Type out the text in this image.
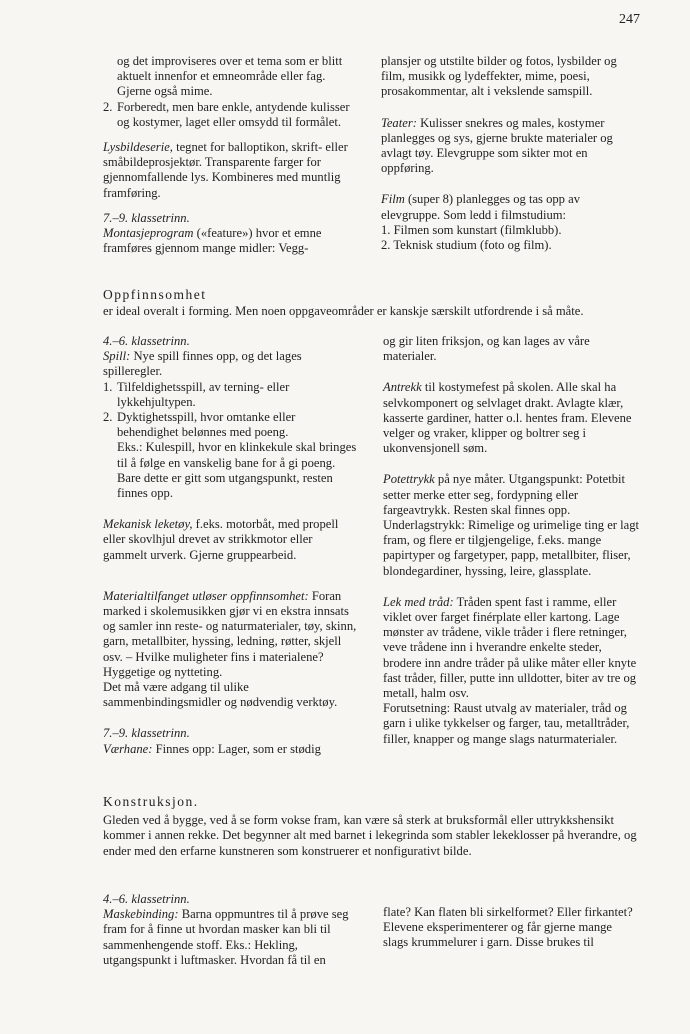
247

og det improviseres over et tema som er blitt aktuelt innenfor et emneområde eller fag. Gjerne også mime.

2. Forberedt, men bare enkle, antydende kulisser og kostymer, laget eller omsydd til formålet.

Lysbildeserie, tegnet for balloptikon, skrift- eller småbildeprosjektør. Transparente farger for gjennomfallende lys. Kombineres med muntlig framføring.

7.–9. klassetrinn.

Montasjeprogram («feature») hvor et emne framføres gjennom mange midler: Vegg-

plansjer og utstilte bilder og fotos, lysbilder og film, musikk og lydeffekter, mime, poesi, prosakommentar, alt i vekslende samspill.

Teater: Kulisser snekres og males, kostymer planlegges og sys, gjerne brukte materialer og avlagt tøy. Elevgruppe som sikter mot en oppføring.

Film (super 8) planlegges og tas opp av elevgruppe. Som ledd i filmstudium:

1. Filmen som kunstart (filmklubb).

2. Teknisk studium (foto og film).

Oppfinnsomhet
er ideal overalt i forming. Men noen oppgaveområder er kanskje særskilt utfordrende i så måte.

4.–6. klassetrinn.

Spill: Nye spill finnes opp, og det lages spilleregler.

1. Tilfeldighetsspill, av terning- eller lykkehjultypen.
2. Dyktighetsspill, hvor omtanke eller behendighet belønnes med poeng.

Eks.: Kulespill, hvor en klinkekule skal bringes til å følge en vanskelig bane for å gi poeng. Bare dette er gitt som utgangspunkt, resten finnes opp.

Mekanisk leketøy, f.eks. motorbåt, med propell eller skovlhjul drevet av strikkmotor eller gammelt urverk. Gjerne gruppearbeid.

Materialtilfanget utløser oppfinnsomhet: Foran marked i skolemusikken gjør vi en ekstra innsats og samler inn reste- og naturmaterialer, tøy, skinn, garn, metallbiter, hyssing, ledning, røtter, skjell osv. – Hvilke muligheter fins i materialene? Hyggetige og nytteting.

Det må være adgang til ulike sammenbindingsmidler og nødvendig verktøy.

7.–9. klassetrinn.

Værhane: Finnes opp: Lager, som er stødig

og gir liten friksjon, og kan lages av våre materialer.

Antrekk til kostymefest på skolen. Alle skal ha selvkomponert og selvlaget drakt. Avlagte klær, kasserte gardiner, hatter o.l. hentes fram. Elevene velger og vraker, klipper og boltrer seg i ukonvensjonell søm.

Potettrykk på nye måter. Utgangspunkt: Potetbit setter merke etter seg, fordypning eller fargeavtrykk. Resten skal finnes opp. Underlagstrykk: Rimelige og urimelige ting er lagt fram, og flere er tilgjengelige, f.eks. mange papirtyper og fargetyper, papp, metallbiter, fliser, blondegardiner, hyssing, leire, glassplate.

Lek med tråd: Tråden spent fast i ramme, eller viklet over farget finérplate eller kartong. Lage mønster av trådene, vikle tråder i flere retninger, veve trådene inn i hverandre enkelte steder, brodere inn andre tråder på ulike måter eller knyte fast tråder, filler, putte inn ulldotter, biter av tre og metall, halm osv.

Forutsetning: Raust utvalg av materialer, tråd og garn i ulike tykkelser og farger, tau, metalltråder, filler, knapper og mange slags naturmaterialer.

Konstruksjon.
Gleden ved å bygge, ved å se form vokse fram, kan være så sterk at bruksformål eller uttrykkshensikt kommer i annen rekke. Det begynner alt med barnet i lekegrinda som stabler lekeklosser på hverandre, og ender med den erfarne kunstneren som konstruerer et nonfigurativt bilde.

4.–6. klassetrinn.

Maskebinding: Barna oppmuntres til å prøve seg fram for å finne ut hvordan masker kan bli til sammenhengende stoff. Eks.: Hekling, utgangspunkt i luftmasker. Hvordan få til en

flate? Kan flaten bli sirkelformet? Eller firkantet?

Elevene eksperimenterer og får gjerne mange slags krummelurer i garn. Disse brukes til
